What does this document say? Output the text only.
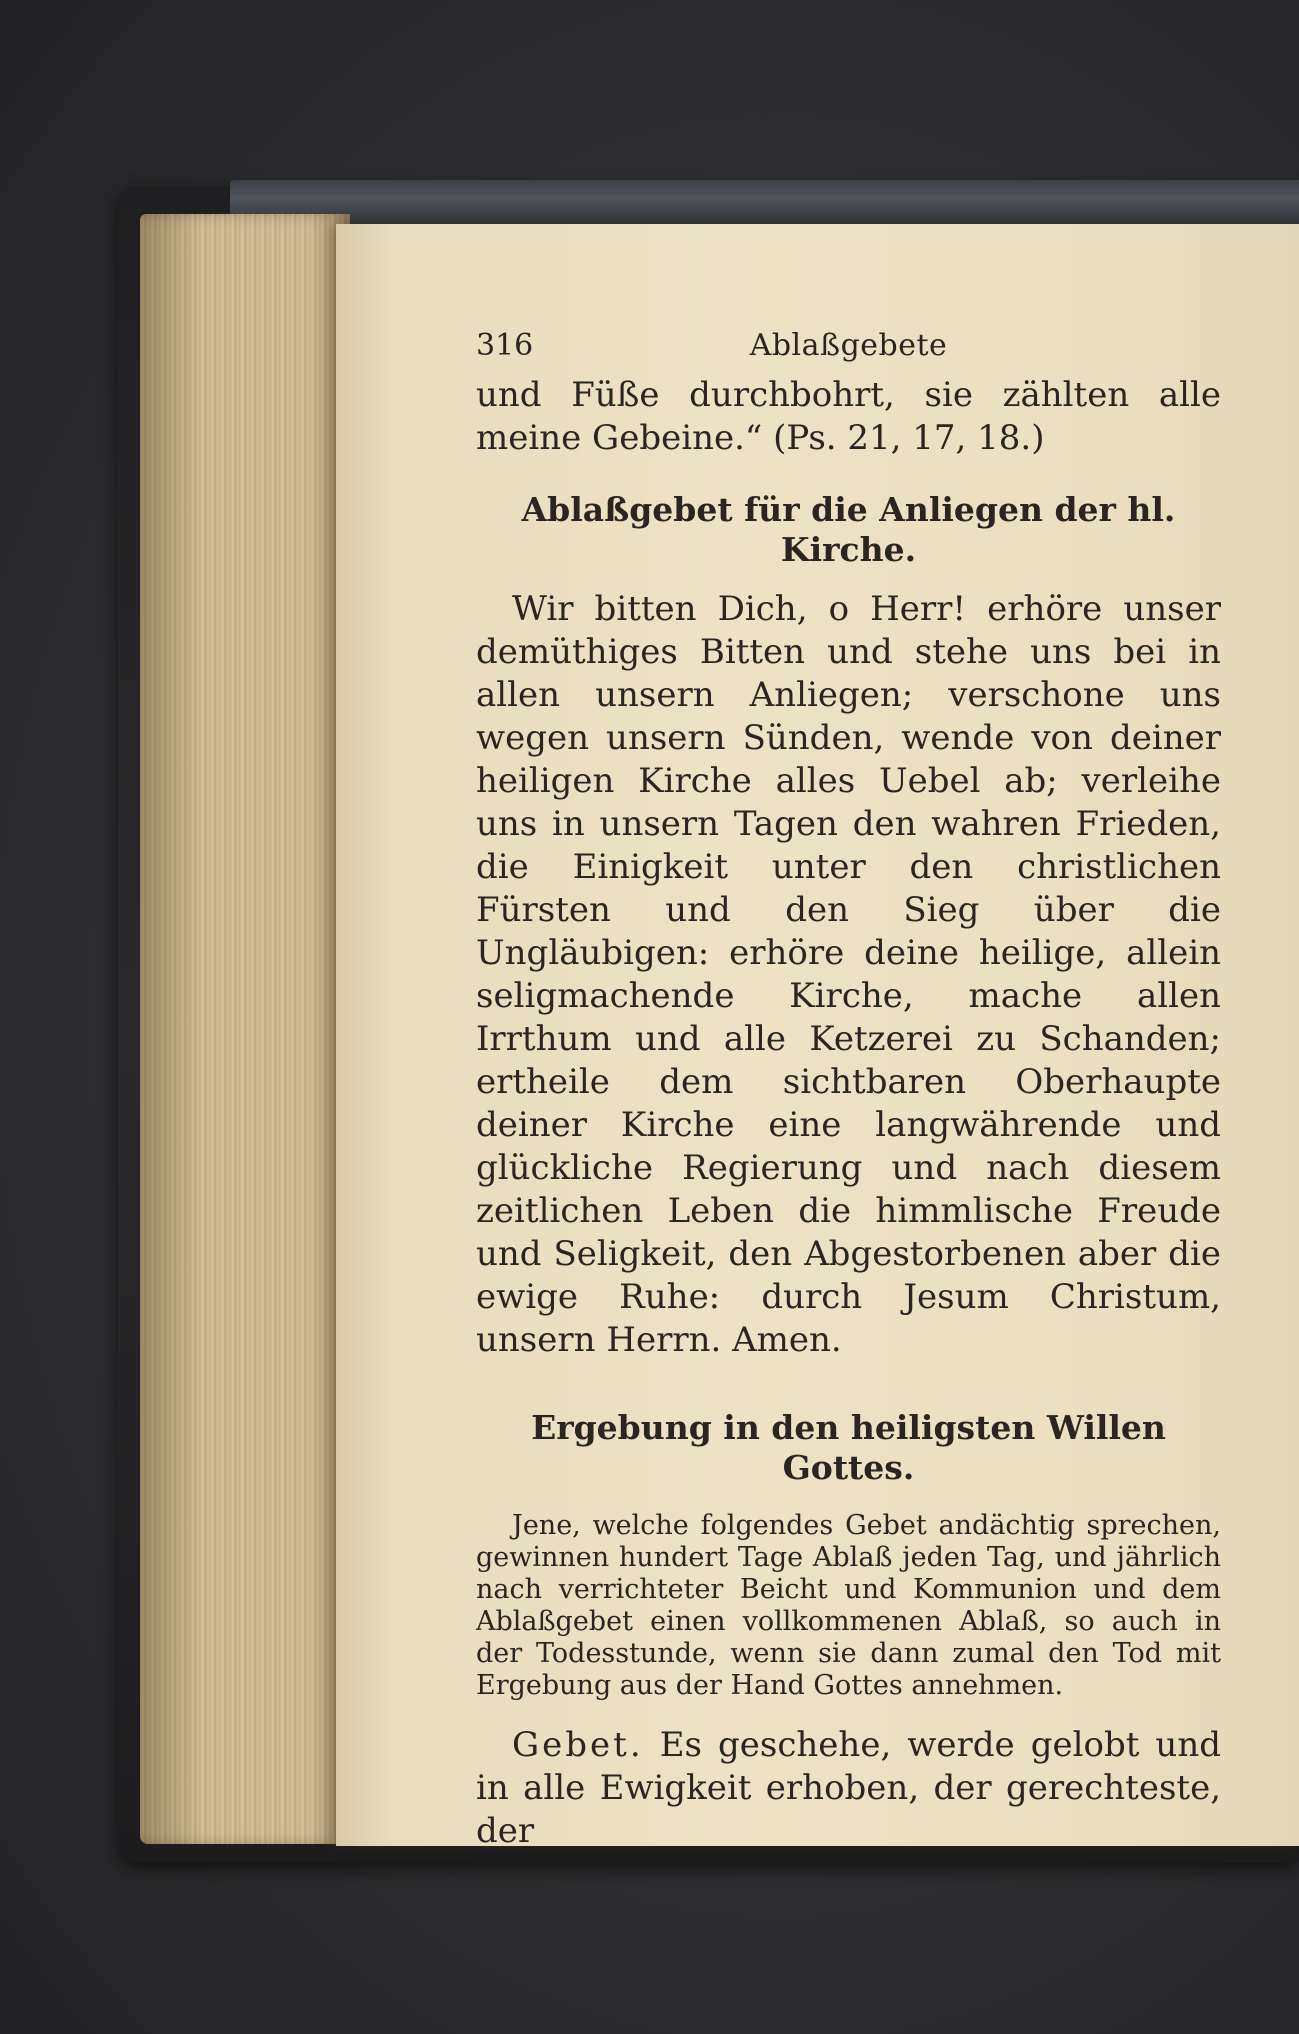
316	Ablaßgebete

und Füße durchbohrt, sie zählten alle meine Gebeine.“ (Ps. 21, 17, 18.)

Ablaßgebet für die Anliegen der hl. Kirche.

Wir bitten Dich, o Herr! erhöre unser demüthiges Bitten und stehe uns bei in allen unsern Anliegen; verschone uns wegen unsern Sünden, wende von deiner heiligen Kirche alles Uebel ab; verleihe uns in unsern Tagen den wahren Frieden, die Einigkeit unter den christlichen Fürsten und den Sieg über die Ungläubigen: erhöre deine heilige, allein seligmachende Kirche, mache allen Irrthum und alle Ketzerei zu Schanden; ertheile dem sichtbaren Oberhaupte deiner Kirche eine langwährende und glückliche Regierung und nach diesem zeitlichen Leben die himmlische Freude und Seligkeit, den Abgestorbenen aber die ewige Ruhe: durch Jesum Christum, unsern Herrn. Amen.

Ergebung in den heiligsten Willen Gottes.

Jene, welche folgendes Gebet andächtig sprechen, gewinnen hundert Tage Ablaß jeden Tag, und jährlich nach verrichteter Beicht und Kommunion und dem Ablaßgebet einen vollkommenen Ablaß, so auch in der Todesstunde, wenn sie dann zumal den Tod mit Ergebung aus der Hand Gottes annehmen.

Gebet. Es geschehe, werde gelobt und in alle Ewigkeit erhoben, der gerechteste, der
